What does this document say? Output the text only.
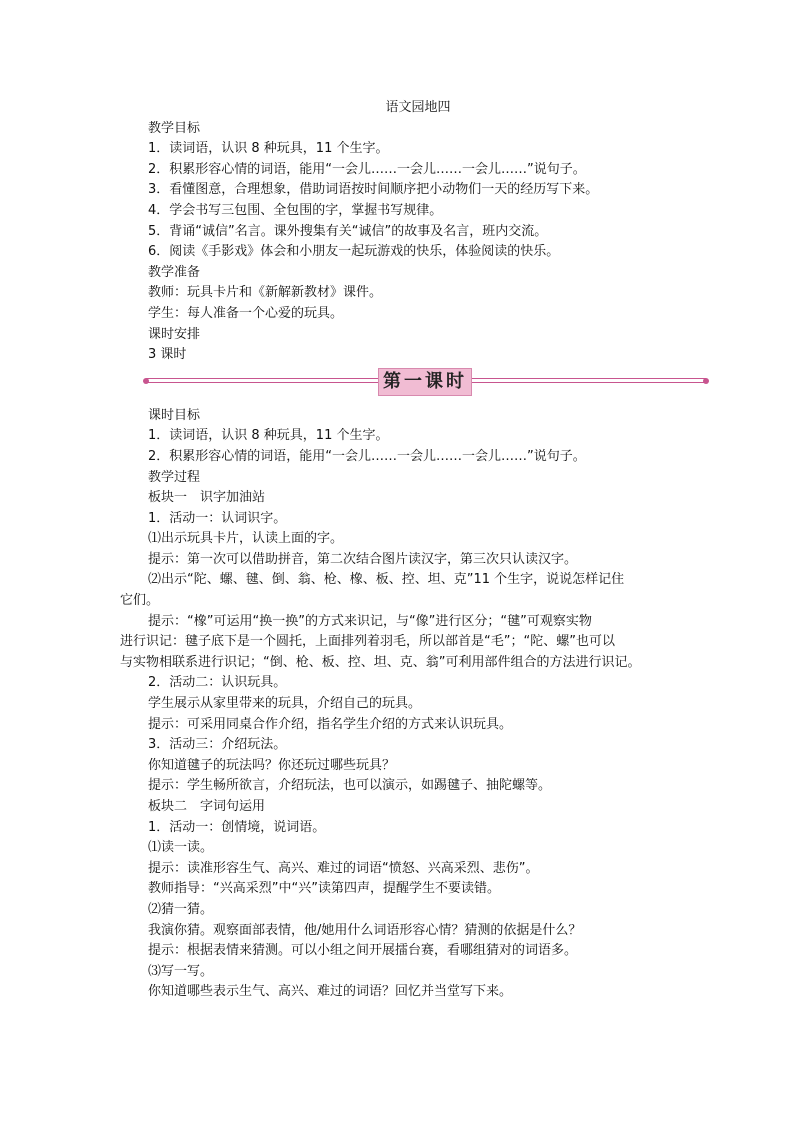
语文园地四
教学目标
1．读词语，认识 8 种玩具，11 个生字。
2．积累形容心情的词语，能用“一会儿……一会儿……一会儿……”说句子。
3．看懂图意，合理想象，借助词语按时间顺序把小动物们一天的经历写下来。
4．学会书写三包围、全包围的字，掌握书写规律。
5．背诵“诚信”名言。课外搜集有关“诚信”的故事及名言，班内交流。
6．阅读《手影戏》体会和小朋友一起玩游戏的快乐，体验阅读的快乐。
教学准备
教师：玩具卡片和《新解新教材》课件。
学生：每人准备一个心爱的玩具。
课时安排
3 课时
第一课时
课时目标
1．读词语，认识 8 种玩具，11 个生字。
2．积累形容心情的词语，能用“一会儿……一会儿……一会儿……”说句子。
教学过程
板块一　识字加油站
1．活动一：认词识字。
⑴出示玩具卡片，认读上面的字。
提示：第一次可以借助拼音，第二次结合图片读汉字，第三次只认读汉字。
⑵出示“陀、螺、毽、倒、翁、枪、橡、板、控、坦、克”11 个生字，说说怎样记住
它们。
提示：“橡”可运用“换一换”的方式来识记，与“像”进行区分；“毽”可观察实物
进行识记：毽子底下是一个圆托，上面排列着羽毛，所以部首是“毛”；“陀、螺”也可以
与实物相联系进行识记；“倒、枪、板、控、坦、克、翁”可利用部件组合的方法进行识记。
2．活动二：认识玩具。
学生展示从家里带来的玩具，介绍自己的玩具。
提示：可采用同桌合作介绍，指名学生介绍的方式来认识玩具。
3．活动三：介绍玩法。
你知道毽子的玩法吗？你还玩过哪些玩具？
提示：学生畅所欲言，介绍玩法，也可以演示，如踢毽子、抽陀螺等。
板块二　字词句运用
1．活动一：创情境，说词语。
⑴读一读。
提示：读准形容生气、高兴、难过的词语“愤怒、兴高采烈、悲伤”。
教师指导：“兴高采烈”中“兴”读第四声，提醒学生不要读错。
⑵猜一猜。
我演你猜。观察面部表情，他/她用什么词语形容心情？猜测的依据是什么？
提示：根据表情来猜测。可以小组之间开展擂台赛，看哪组猜对的词语多。
⑶写一写。
你知道哪些表示生气、高兴、难过的词语？回忆并当堂写下来。
